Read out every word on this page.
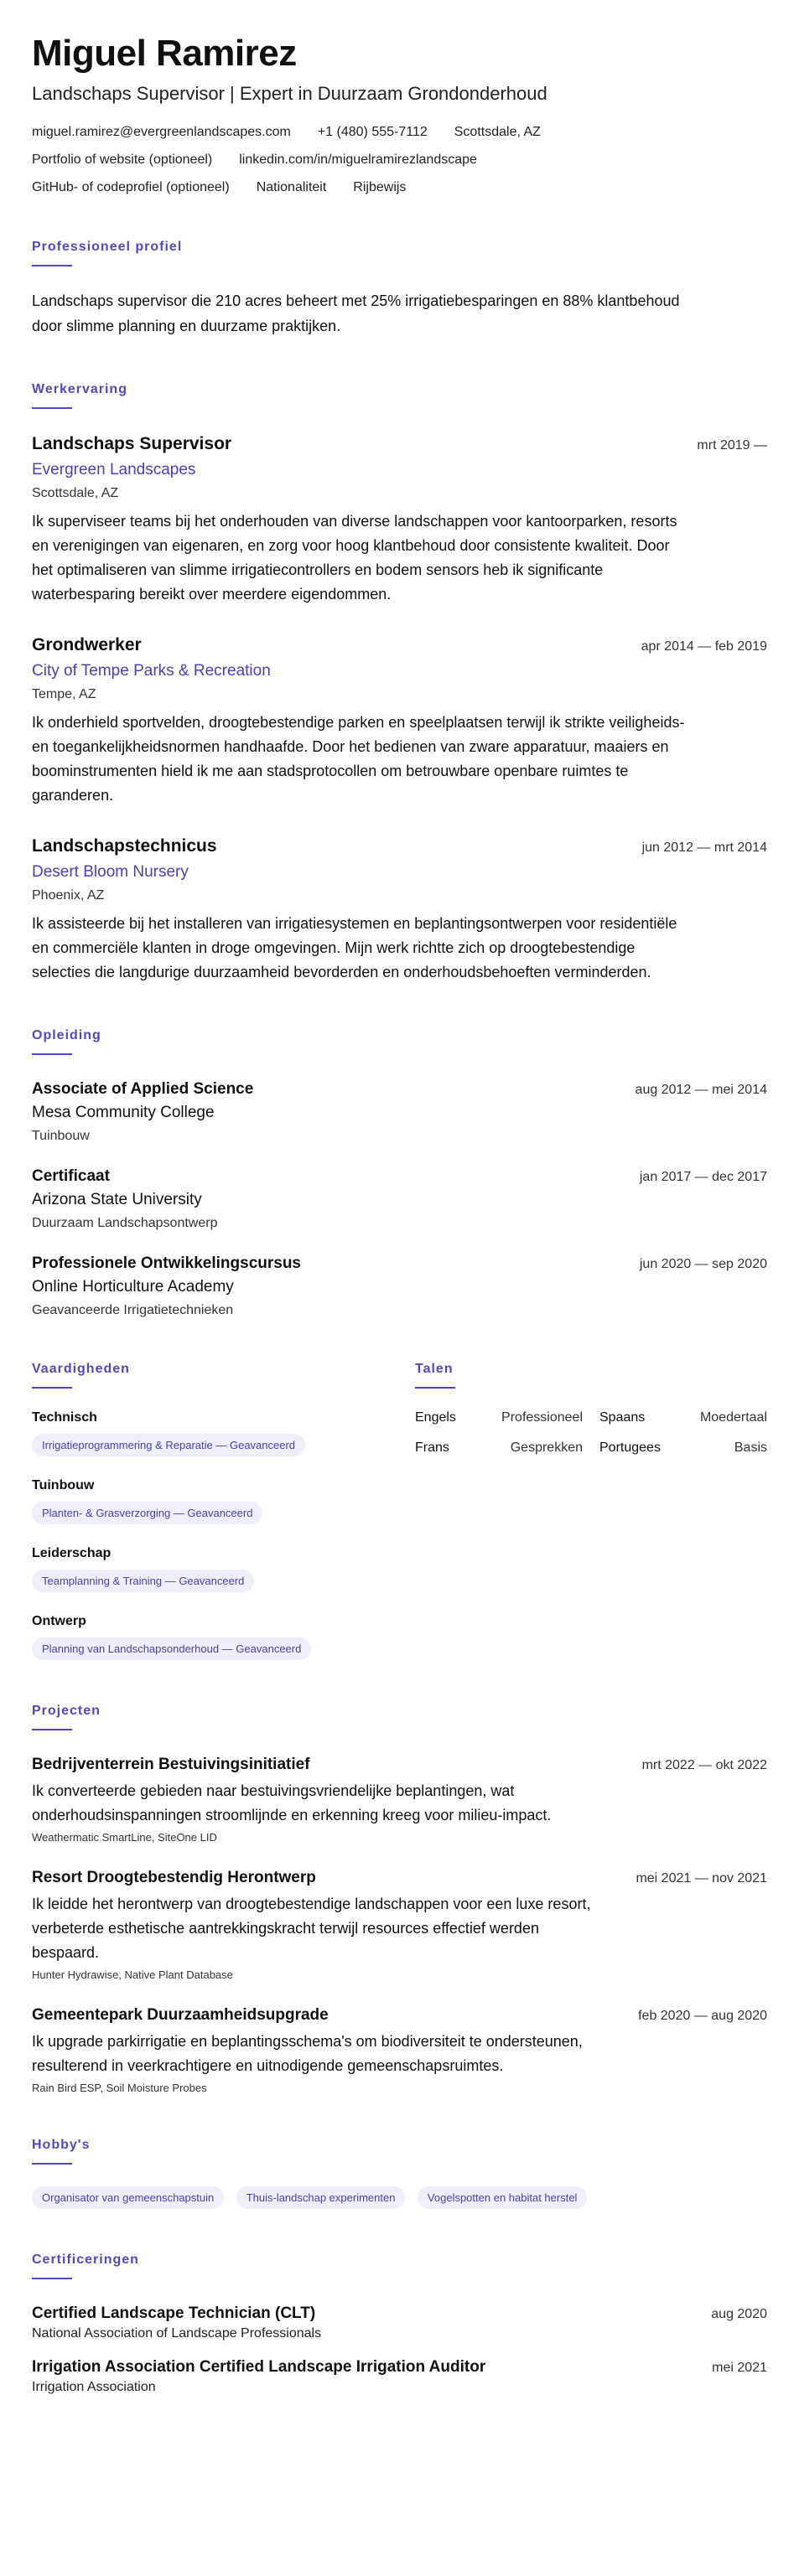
Miguel Ramirez
Landschaps Supervisor | Expert in Duurzaam Grondonderhoud
miguel.ramirez@evergreenlandscapes.com +1 (480) 555-7112 Scottsdale, AZ
Portfolio of website (optioneel) linkedin.com/in/miguelramirezlandscape
GitHub- of codeprofiel (optioneel) Nationaliteit Rijbewijs
Professioneel profiel
Landschaps supervisor die 210 acres beheert met 25% irrigatiebesparingen en 88% klantbehoud door slimme planning en duurzame praktijken.
Werkervaring
Landschaps Supervisor	mrt 2019 —
Evergreen Landscapes
Scottsdale, AZ
Ik superviseer teams bij het onderhouden van diverse landschappen voor kantoorparken, resorts en verenigingen van eigenaren, en zorg voor hoog klantbehoud door consistente kwaliteit. Door het optimaliseren van slimme irrigatiecontrollers en bodem sensors heb ik significante waterbesparing bereikt over meerdere eigendommen.
Grondwerker	apr 2014 — feb 2019
City of Tempe Parks & Recreation
Tempe, AZ
Ik onderhield sportvelden, droogtebestendige parken en speelplaatsen terwijl ik strikte veiligheids- en toegankelijkheidsnormen handhaafde. Door het bedienen van zware apparatuur, maaiers en boominstrumenten hield ik me aan stadsprotocollen om betrouwbare openbare ruimtes te garanderen.
Landschapstechnicus	jun 2012 — mrt 2014
Desert Bloom Nursery
Phoenix, AZ
Ik assisteerde bij het installeren van irrigatiesystemen en beplantingsontwerpen voor residentiële en commerciële klanten in droge omgevingen. Mijn werk richtte zich op droogtebestendige selecties die langdurige duurzaamheid bevorderden en onderhoudsbehoeften verminderden.
Opleiding
Associate of Applied Science	aug 2012 — mei 2014
Mesa Community College
Tuinbouw
Certificaat	jan 2017 — dec 2017
Arizona State University
Duurzaam Landschapsontwerp
Professionele Ontwikkelingscursus	jun 2020 — sep 2020
Online Horticulture Academy
Geavanceerde Irrigatietechnieken
Vaardigheden
Technisch
Irrigatieprogrammering & Reparatie — Geavanceerd
Tuinbouw
Planten- & Grasverzorging — Geavanceerd
Leiderschap
Teamplanning & Training — Geavanceerd
Ontwerp
Planning van Landschapsonderhoud — Geavanceerd
Talen
Engels	Professioneel Spaans	Moedertaal
Frans	Gesprekken Portugees	Basis
Projecten
Bedrijventerrein Bestuivingsinitiatief	mrt 2022 — okt 2022
Ik converteerde gebieden naar bestuivingsvriendelijke beplantingen, wat onderhoudsinspanningen stroomlijnde en erkenning kreeg voor milieu-impact.
Weathermatic SmartLine, SiteOne LID
Resort Droogtebestendig Herontwerp	mei 2021 — nov 2021
Ik leidde het herontwerp van droogtebestendige landschappen voor een luxe resort, verbeterde esthetische aantrekkingskracht terwijl resources effectief werden bespaard.
Hunter Hydrawise, Native Plant Database
Gemeentepark Duurzaamheidsupgrade	feb 2020 — aug 2020
Ik upgrade parkirrigatie en beplantingsschema's om biodiversiteit te ondersteunen, resulterend in veerkrachtigere en uitnodigende gemeenschapsruimtes.
Rain Bird ESP, Soil Moisture Probes
Hobby's
Organisator van gemeenschapstuin	Thuis-landschap experimenten	Vogelspotten en habitat herstel
Certificeringen
Certified Landscape Technician (CLT)	aug 2020
National Association of Landscape Professionals
Irrigation Association Certified Landscape Irrigation Auditor	mei 2021
Irrigation Association
